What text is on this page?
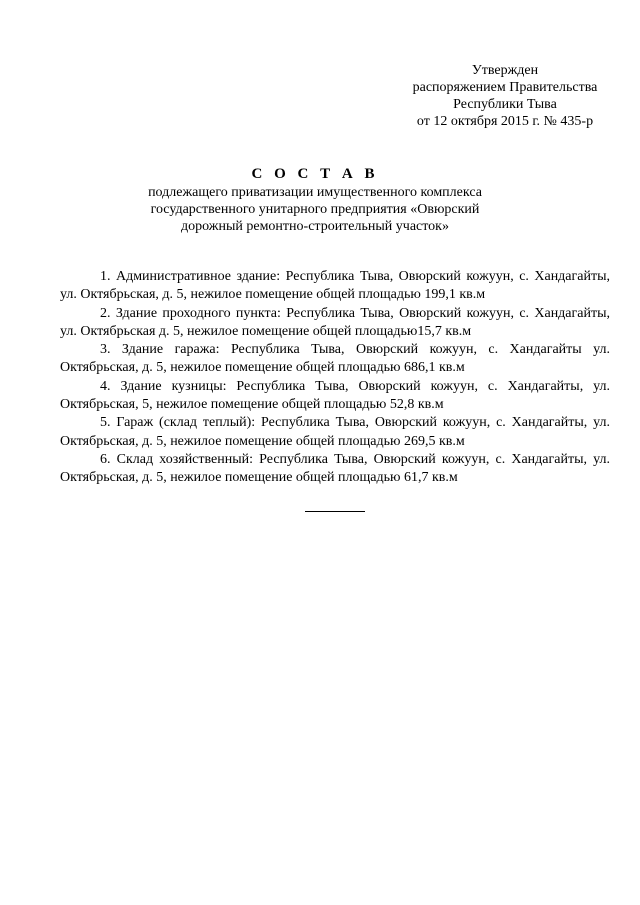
Утвержден
распоряжением Правительства
Республики Тыва
от 12 октября 2015 г. № 435-р
С О С Т А В
подлежащего приватизации имущественного комплекса
государственного унитарного предприятия «Овюрский
дорожный ремонтно-строительный участок»

1. Административное здание: Республика Тыва, Овюрский кожуун, с. Хандагайты, ул. Октябрьская, д. 5, нежилое помещение общей площадью 199,1 кв.м

2. Здание проходного пункта: Республика Тыва, Овюрский кожуун, с. Хандагайты, ул. Октябрьская д. 5, нежилое помещение общей площадью15,7 кв.м

3. Здание гаража: Республика Тыва, Овюрский кожуун, с. Хандагайты ул. Октябрьская, д. 5, нежилое помещение общей площадью 686,1 кв.м

4. Здание кузницы: Республика Тыва, Овюрский кожуун, с. Хандагайты, ул. Октябрьская, 5, нежилое помещение общей площадью 52,8 кв.м

5. Гараж (склад теплый): Республика Тыва, Овюрский кожуун, с. Хандагайты, ул. Октябрьская, д. 5, нежилое помещение общей площадью 269,5 кв.м

6. Склад хозяйственный: Республика Тыва, Овюрский кожуун, с. Хандагайты, ул. Октябрьская, д. 5, нежилое помещение общей площадью 61,7 кв.м
